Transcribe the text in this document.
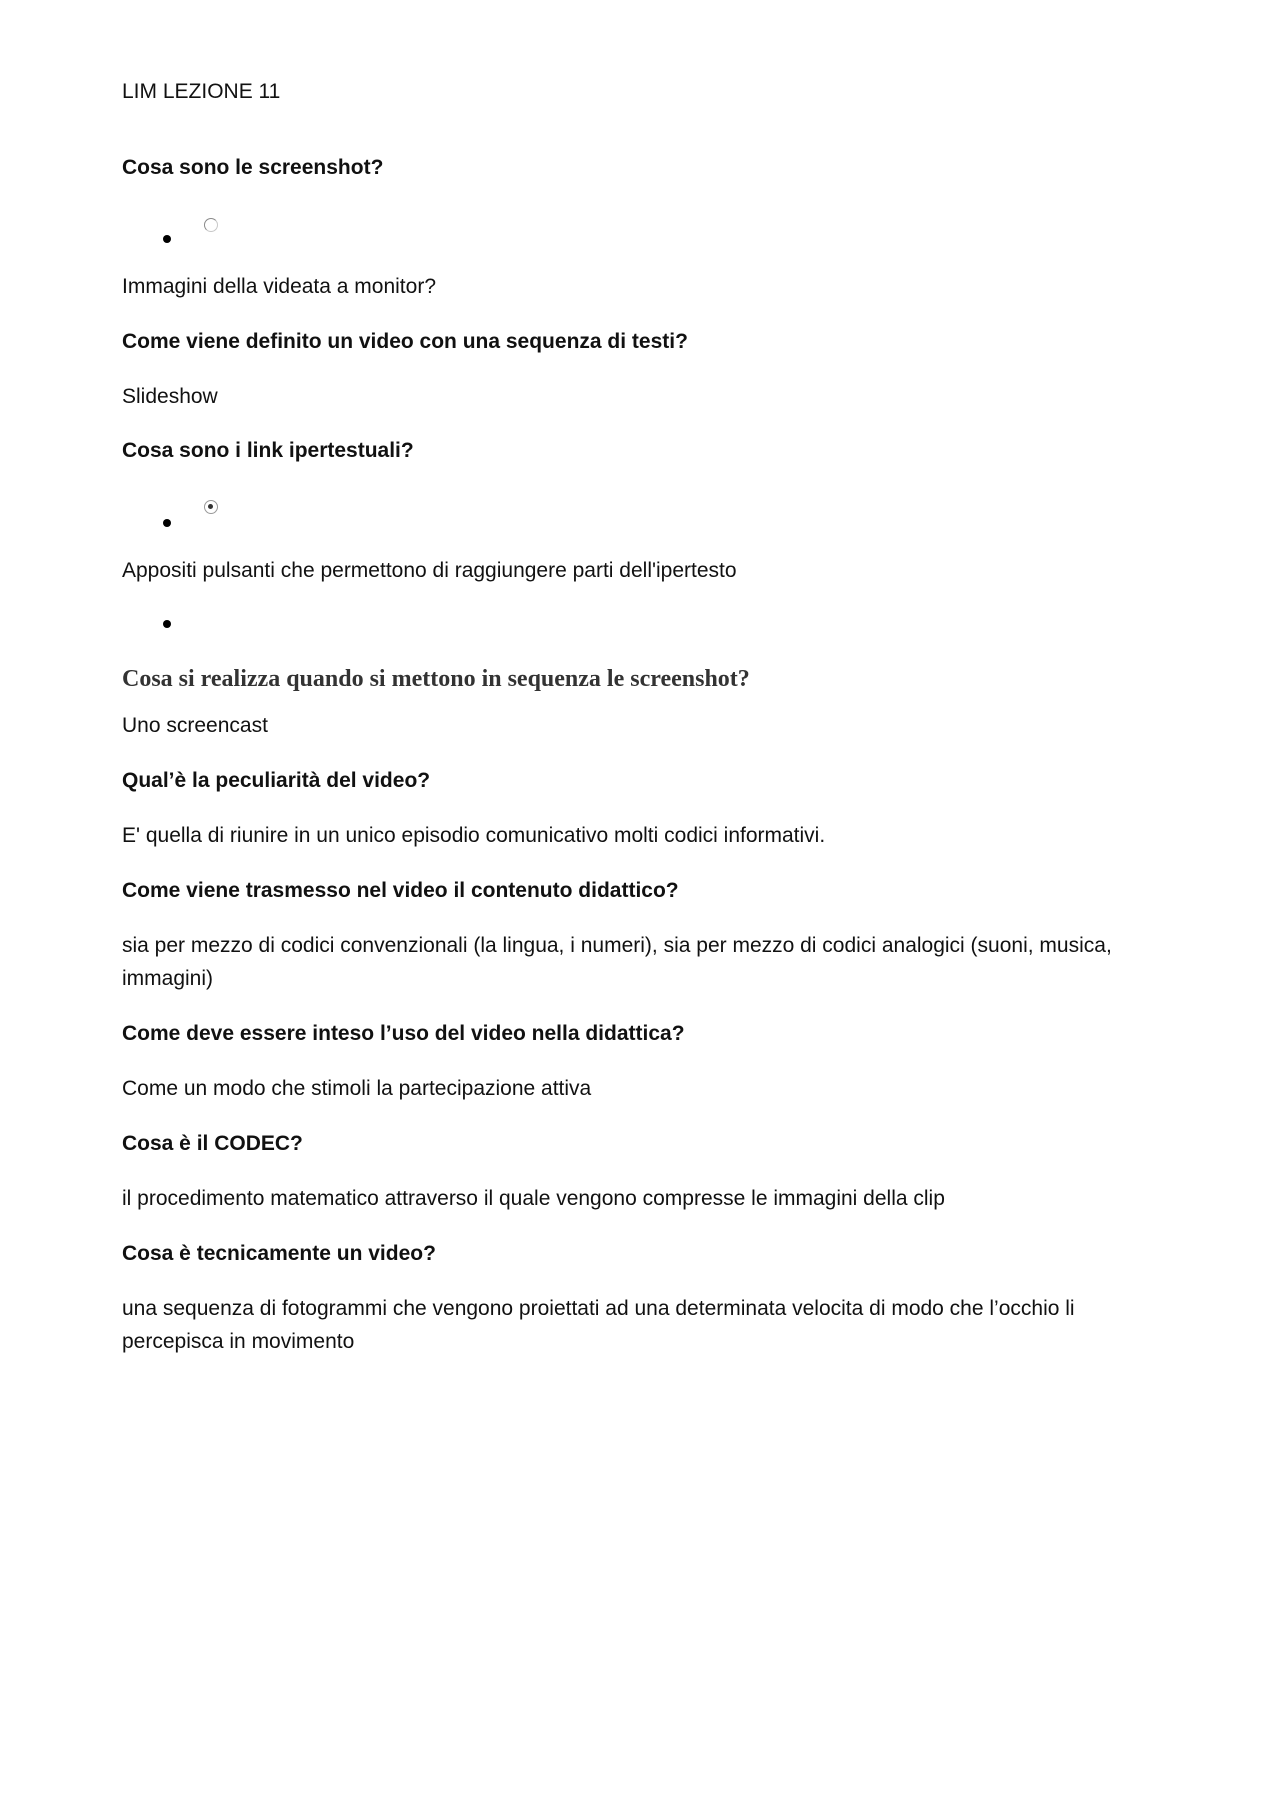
LIM LEZIONE 11

Cosa sono le screenshot?

Immagini della videata a monitor?

Come viene definito un video con una sequenza di testi?

Slideshow

Cosa sono i link ipertestuali?

Appositi pulsanti che permettono di raggiungere parti dell'ipertesto

Cosa si realizza quando si mettono in sequenza le screenshot?

Uno screencast

Qual’è la peculiarità del video?

E' quella di riunire in un unico episodio comunicativo molti codici informativi.

Come viene trasmesso nel video il contenuto didattico?

sia per mezzo di codici convenzionali (la lingua, i numeri), sia per mezzo di codici analogici (suoni, musica, immagini)

Come deve essere inteso l’uso del video nella didattica?

Come un modo che stimoli la partecipazione attiva

Cosa è il CODEC?

il procedimento matematico attraverso il quale vengono compresse le immagini della clip

Cosa è tecnicamente un video?

una sequenza di fotogrammi che vengono proiettati ad una determinata velocita di modo che l’occhio li percepisca in movimento
